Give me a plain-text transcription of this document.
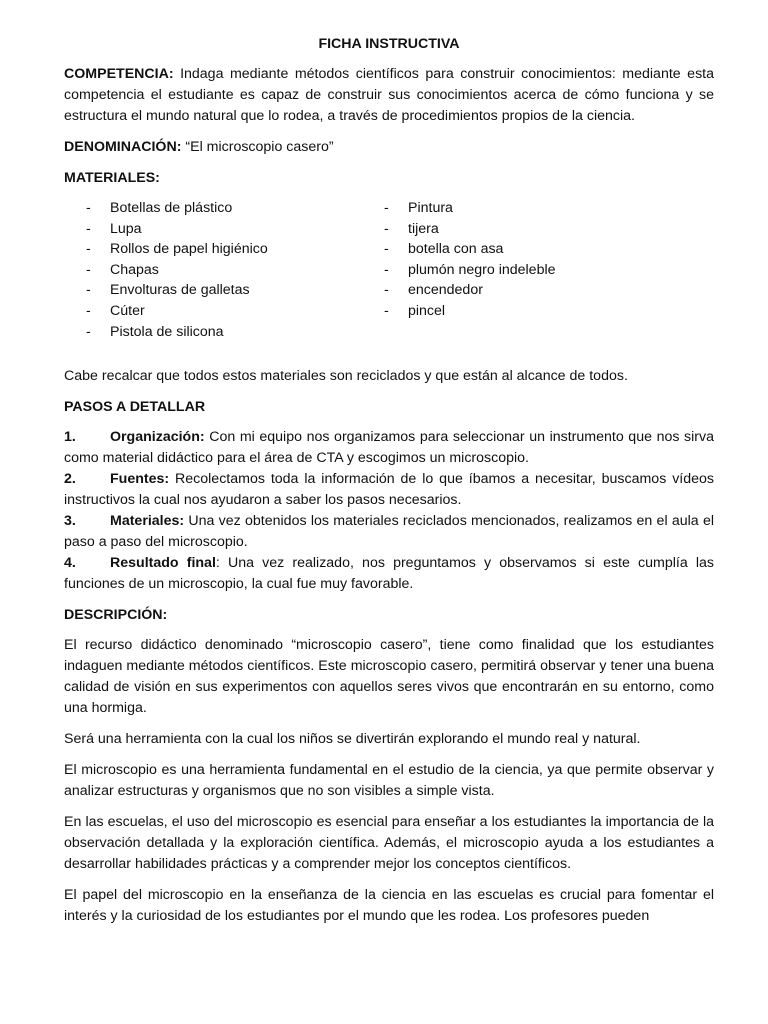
FICHA INSTRUCTIVA

COMPETENCIA: Indaga mediante métodos científicos para construir conocimientos: mediante esta competencia el estudiante es capaz de construir sus conocimientos acerca de cómo funciona y se estructura el mundo natural que lo rodea, a través de procedimientos propios de la ciencia.

DENOMINACIÓN: “El microscopio casero”

MATERIALES:
-	Botellas de plástico
-	Lupa
-	Rollos de papel higiénico
-	Chapas
-	Envolturas de galletas
-	Cúter
-	Pistola de silicona
-	Pintura
-	tijera
-	botella con asa
-	plumón negro indeleble
-	encendedor
-	pincel

Cabe recalcar que todos estos materiales son reciclados y que están al alcance de todos.

PASOS A DETALLAR

1. Organización: Con mi equipo nos organizamos para seleccionar un instrumento que nos sirva como material didáctico para el área de CTA y escogimos un microscopio.

2. Fuentes: Recolectamos toda la información de lo que íbamos a necesitar, buscamos vídeos instructivos la cual nos ayudaron a saber los pasos necesarios.

3. Materiales: Una vez obtenidos los materiales reciclados mencionados, realizamos en el aula el paso a paso del microscopio.

4. Resultado final: Una vez realizado, nos preguntamos y observamos si este cumplía las funciones de un microscopio, la cual fue muy favorable.

DESCRIPCIÓN:

El recurso didáctico denominado “microscopio casero”, tiene como finalidad que los estudiantes indaguen mediante métodos científicos. Este microscopio casero, permitirá observar y tener una buena calidad de visión en sus experimentos con aquellos seres vivos que encontrarán en su entorno, como una hormiga.

Será una herramienta con la cual los niños se divertirán explorando el mundo real y natural.

El microscopio es una herramienta fundamental en el estudio de la ciencia, ya que permite observar y analizar estructuras y organismos que no son visibles a simple vista.

En las escuelas, el uso del microscopio es esencial para enseñar a los estudiantes la importancia de la observación detallada y la exploración científica. Además, el microscopio ayuda a los estudiantes a desarrollar habilidades prácticas y a comprender mejor los conceptos científicos.

El papel del microscopio en la enseñanza de la ciencia en las escuelas es crucial para fomentar el interés y la curiosidad de los estudiantes por el mundo que les rodea. Los profesores pueden
